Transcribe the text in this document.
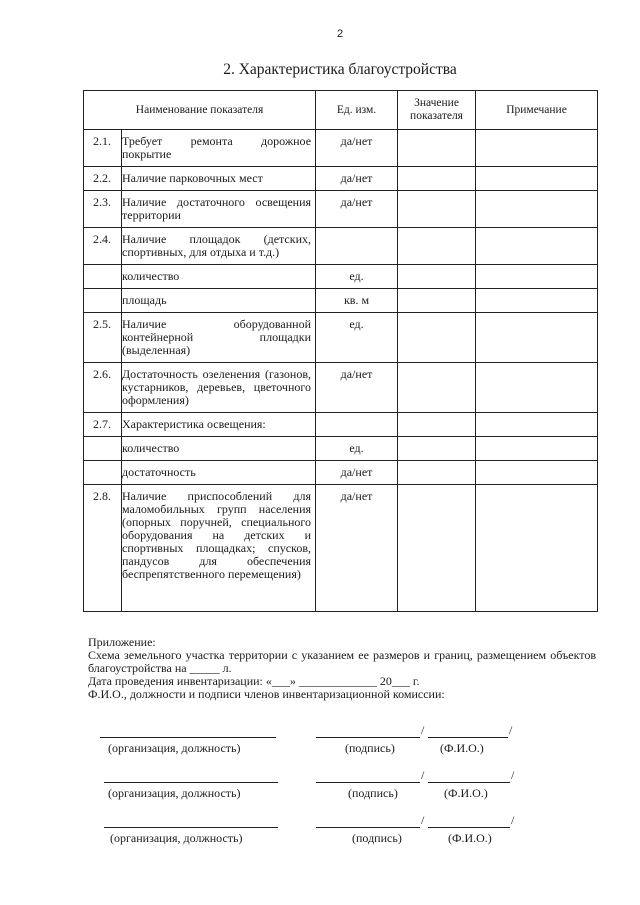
2
2. Характеристика благоустройства
Наименование показателя		Ед. изм.	Значение показателя	Примечание
2.1.	Требует ремонта дорожное покрытие	да/нет		
2.2.	Наличие парковочных мест	да/нет		
2.3.	Наличие достаточного освещения территории	да/нет		
2.4.	Наличие площадок (детских, спортивных, для отдыха и т.д.)			
	количество	ед.		
	площадь	кв. м		
2.5.	Наличие оборудованной контейнерной площадки (выделенная)	ед.		
2.6.	Достаточность озеленения (газонов, кустарников, деревьев, цветочного оформления)	да/нет		
2.7.	Характеристика освещения:			
	количество	ед.		
	достаточность	да/нет		
2.8.	Наличие приспособлений для маломобильных групп населения (опорных поручней, специального оборудования на детских и спортивных площадках; спусков, пандусов для обеспечения беспрепятственного перемещения)	да/нет		

Приложение:

Схема земельного участка территории с указанием ее размеров и границ, размещением объектов благоустройства на _____ л.

Дата проведения инвентаризации: «___» _____________ 20___ г.

Ф.И.О., должности и подписи членов инвентаризационной комиссии:

/	/
(организация, должность)	(подпись)	(Ф.И.О.)
/	/
(организация, должность)	(подпись)	(Ф.И.О.)
/	/
(организация, должность)	(подпись)	(Ф.И.О.)
